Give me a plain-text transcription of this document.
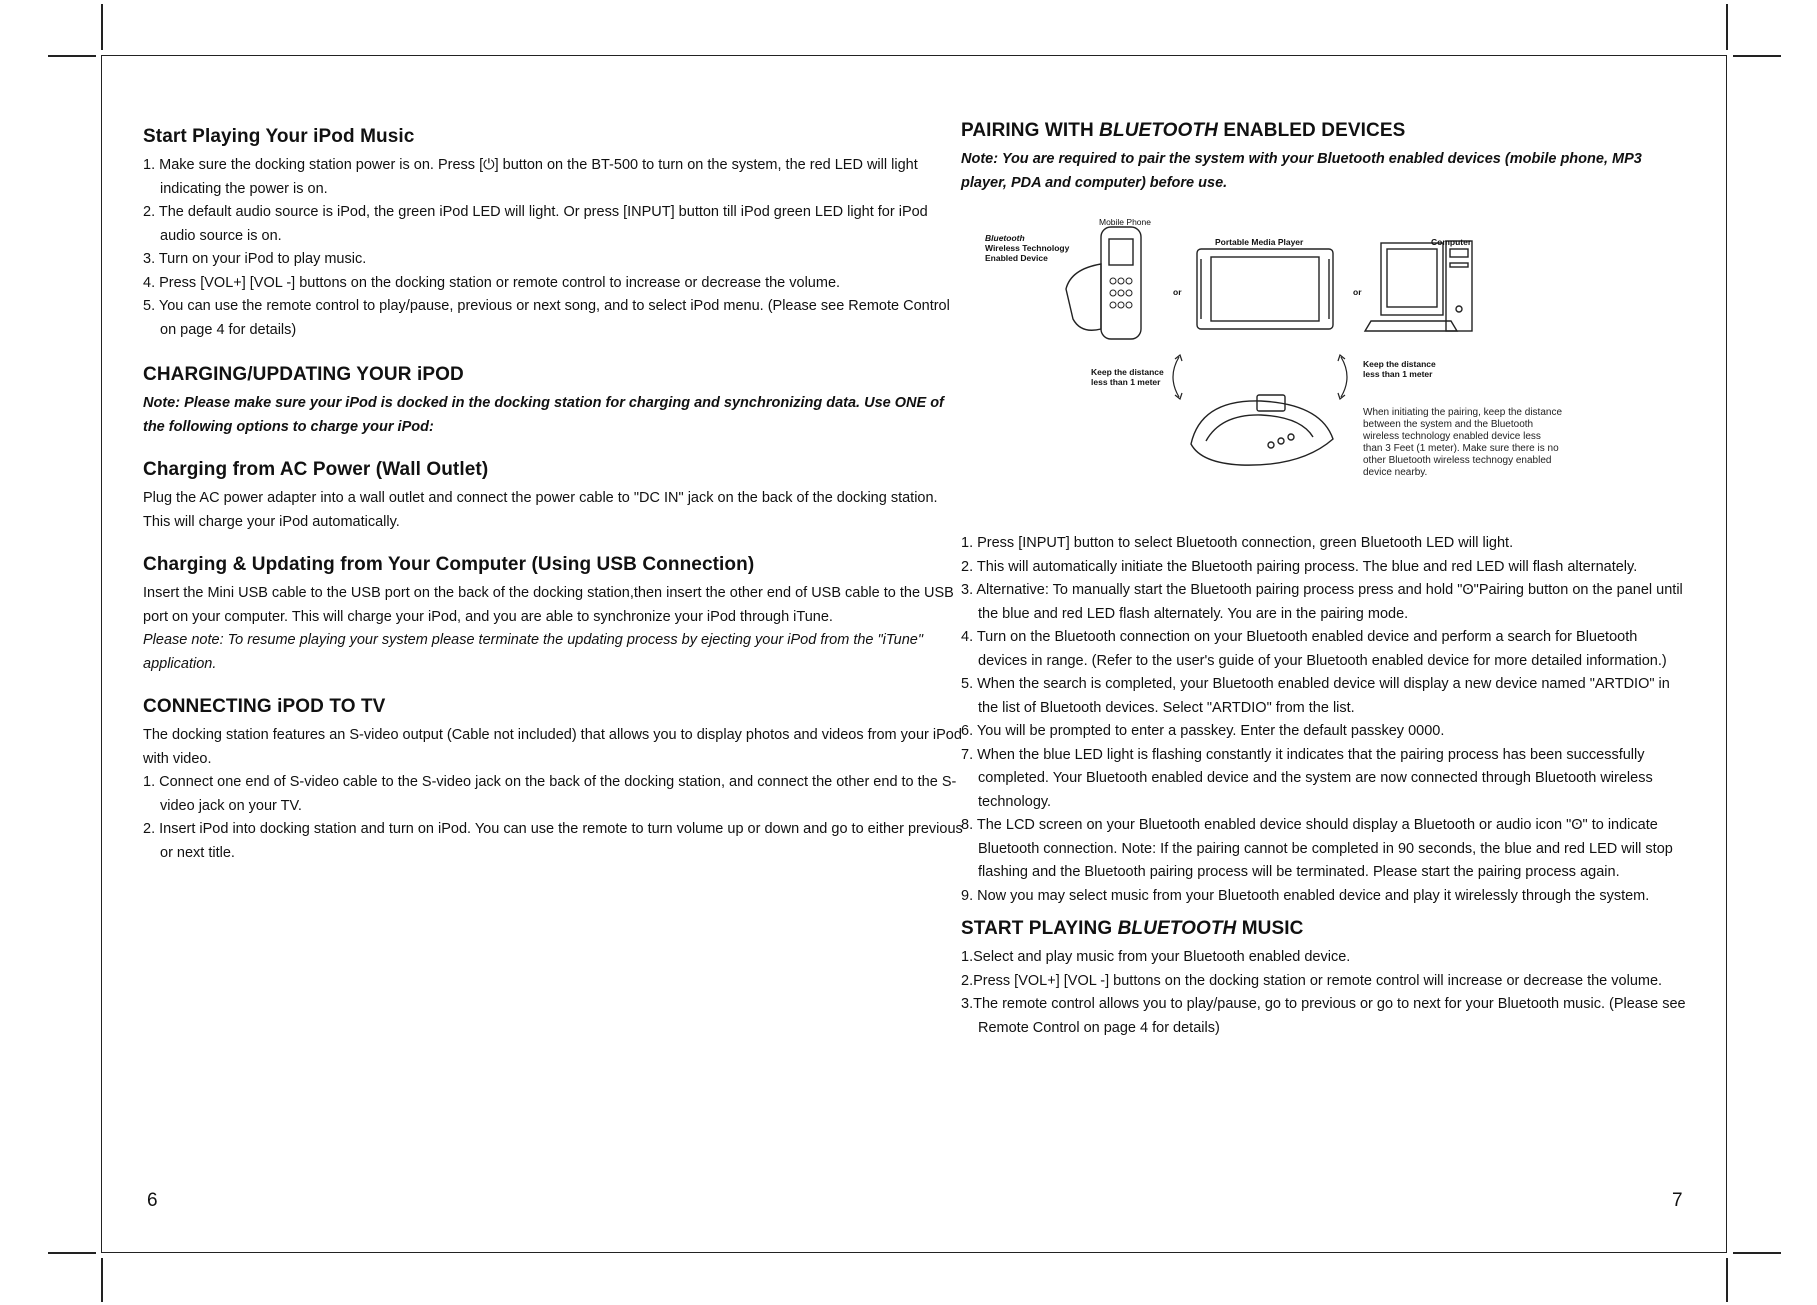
Start Playing Your iPod Music
1. Make sure the docking station power is on. Press [⏻] button on the BT-500 to turn on the system, the red LED will light indicating the power is on.
2. The default audio source is iPod, the green iPod LED will light. Or press [INPUT] button till iPod green LED light for iPod audio source is on.
3. Turn on your iPod to play music.
4. Press [VOL+] [VOL -] buttons on the docking station or remote control to increase or decrease the volume.
5. You can use the remote control to play/pause, previous or next song, and to select iPod menu. (Please see Remote Control on page 4 for details)
CHARGING/UPDATING YOUR iPOD

Note: Please make sure your iPod is docked in the docking station for charging and synchronizing data. Use ONE of the following options to charge your iPod:

Charging from AC Power (Wall Outlet)

Plug the AC power adapter into a wall outlet and connect the power cable to "DC IN" jack on the back of the docking station. This will charge your iPod automatically.

Charging & Updating from Your Computer (Using USB Connection)

Insert the Mini USB cable to the USB port on the back of the docking station,then insert the other end of USB cable to the USB port on your computer. This will charge your iPod, and you are able to synchronize your iPod through iTune.

Please note: To resume playing your system please terminate the updating process by ejecting your iPod from the "iTune" application.

CONNECTING iPOD TO TV

The docking station features an S-video output (Cable not included) that allows you to display photos and videos from your iPod with video.

1. Connect one end of S-video cable to the S-video jack on the back of the docking station, and connect the other end to the S-video jack on your TV.
2. Insert iPod into docking station and turn on iPod. You can use the remote to turn volume up or down and go to either previous or next title.
6
PAIRING WITH BLUETOOTH ENABLED DEVICES

Note: You are required to pair the system with your Bluetooth enabled devices (mobile phone, MP3 player, PDA and computer) before use.

Bluetooth
Wireless Technology
Enabled Device
Mobile Phone
Portable Media Player	Computer
or	or
Keep the distance
less than 1 meter
Keep the distance
less than 1 meter

When initiating the pairing, keep the distance between the system and the Bluetooth wireless technology enabled device less than 3 Feet (1 meter). Make sure there is no other Bluetooth wireless technogy enabled device nearby.

1. Press [INPUT] button to select Bluetooth connection, green Bluetooth LED will light.
2. This will automatically initiate the Bluetooth pairing process. The blue and red LED will flash alternately.
3. Alternative: To manually start the Bluetooth pairing process press and hold "ʘ"Pairing button on the panel until the blue and red LED flash alternately. You are in the pairing mode.
4. Turn on the Bluetooth connection on your Bluetooth enabled device and perform a search for Bluetooth devices in range. (Refer to the user's guide of your Bluetooth enabled device for more detailed information.)
5. When the search is completed, your Bluetooth enabled device will display a new device named "ARTDIO" in the list of Bluetooth devices. Select "ARTDIO" from the list.
6. You will be prompted to enter a passkey. Enter the default passkey 0000.
7. When the blue LED light is flashing constantly it indicates that the pairing process has been successfully completed. Your Bluetooth enabled device and the system are now connected through Bluetooth wireless technology.
8. The LCD screen on your Bluetooth enabled device should display a Bluetooth or audio icon "ʘ" to indicate Bluetooth connection. Note: If the pairing cannot be completed in 90 seconds, the blue and red LED will stop flashing and the Bluetooth pairing process will be terminated. Please start the pairing process again.
9. Now you may select music from your Bluetooth enabled device and play it wirelessly through the system.
START PLAYING BLUETOOTH MUSIC
1.Select and play music from your Bluetooth enabled device.
2.Press [VOL+] [VOL -] buttons on the docking station or remote control will increase or decrease the volume.
3.The remote control allows you to play/pause, go to previous or go to next for your Bluetooth music. (Please see Remote Control on page 4 for details)
7
